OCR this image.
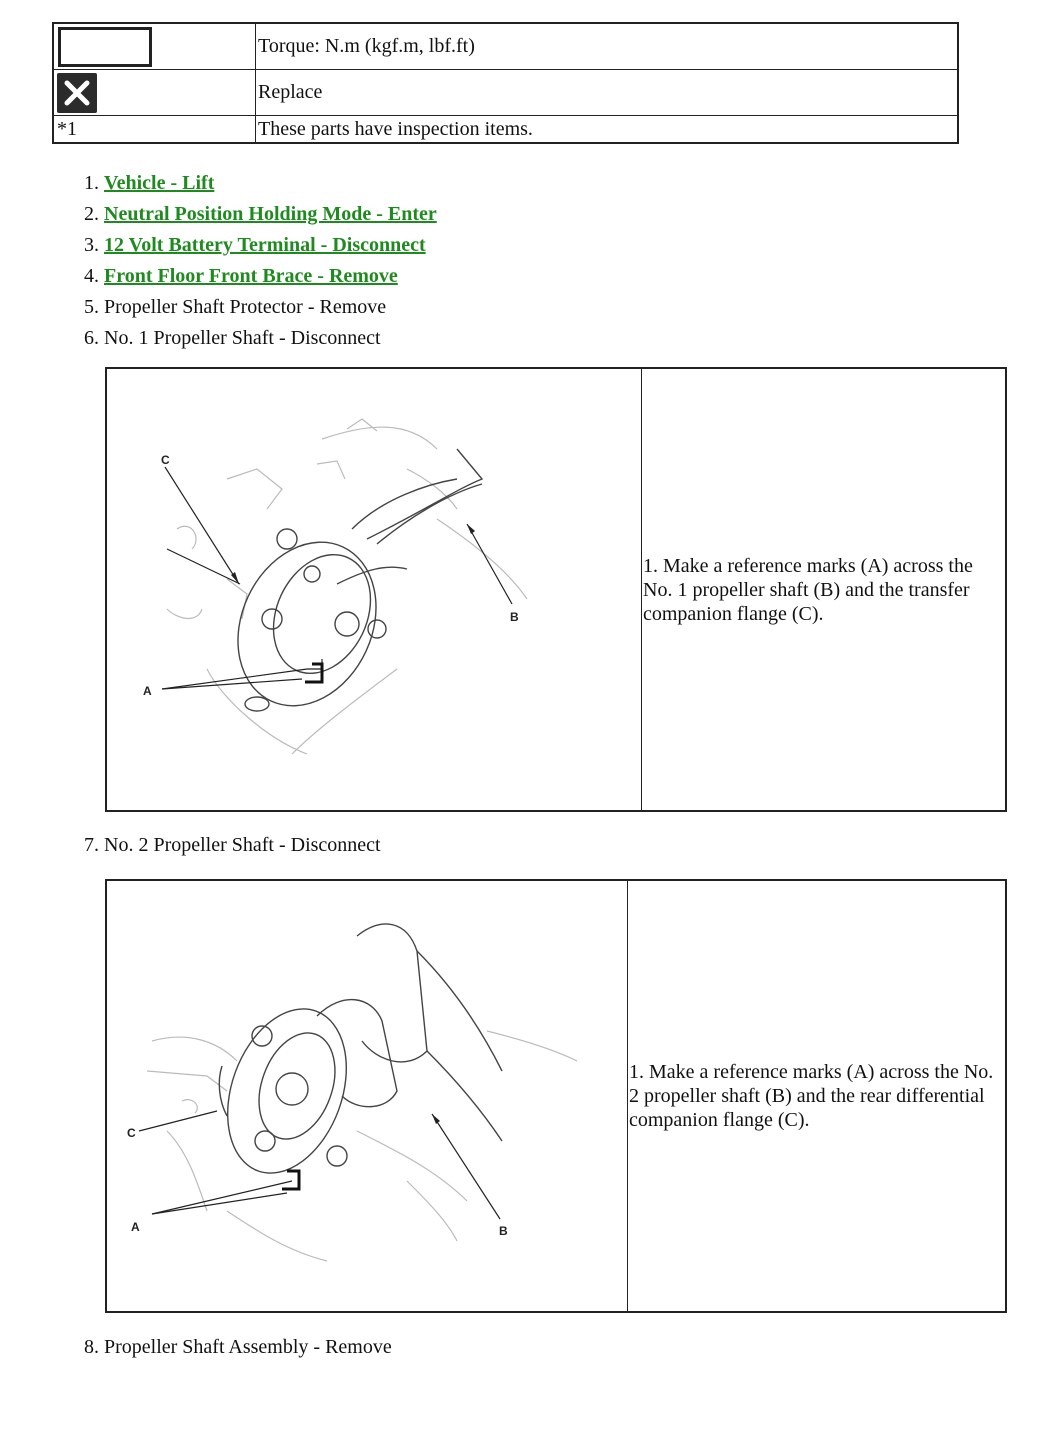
	Torque: N.m (kgf.m, lbf.ft)

	Replace
*1	These parts have inspection items.
1. Vehicle - Lift
2. Neutral Position Holding Mode - Enter
3. 12 Volt Battery Terminal - Disconnect
4. Front Floor Front Brace - Remove
5. Propeller Shaft Protector - Remove
6. No. 1 Propeller Shaft - Disconnect
C
A
B
1. Make a reference marks (A) across the No. 1 propeller shaft (B) and the transfer companion flange (C).
7. No. 2 Propeller Shaft - Disconnect
C
A	B
1. Make a reference marks (A) across the No. 2 propeller shaft (B) and the rear differential companion flange (C).
8. Propeller Shaft Assembly - Remove
